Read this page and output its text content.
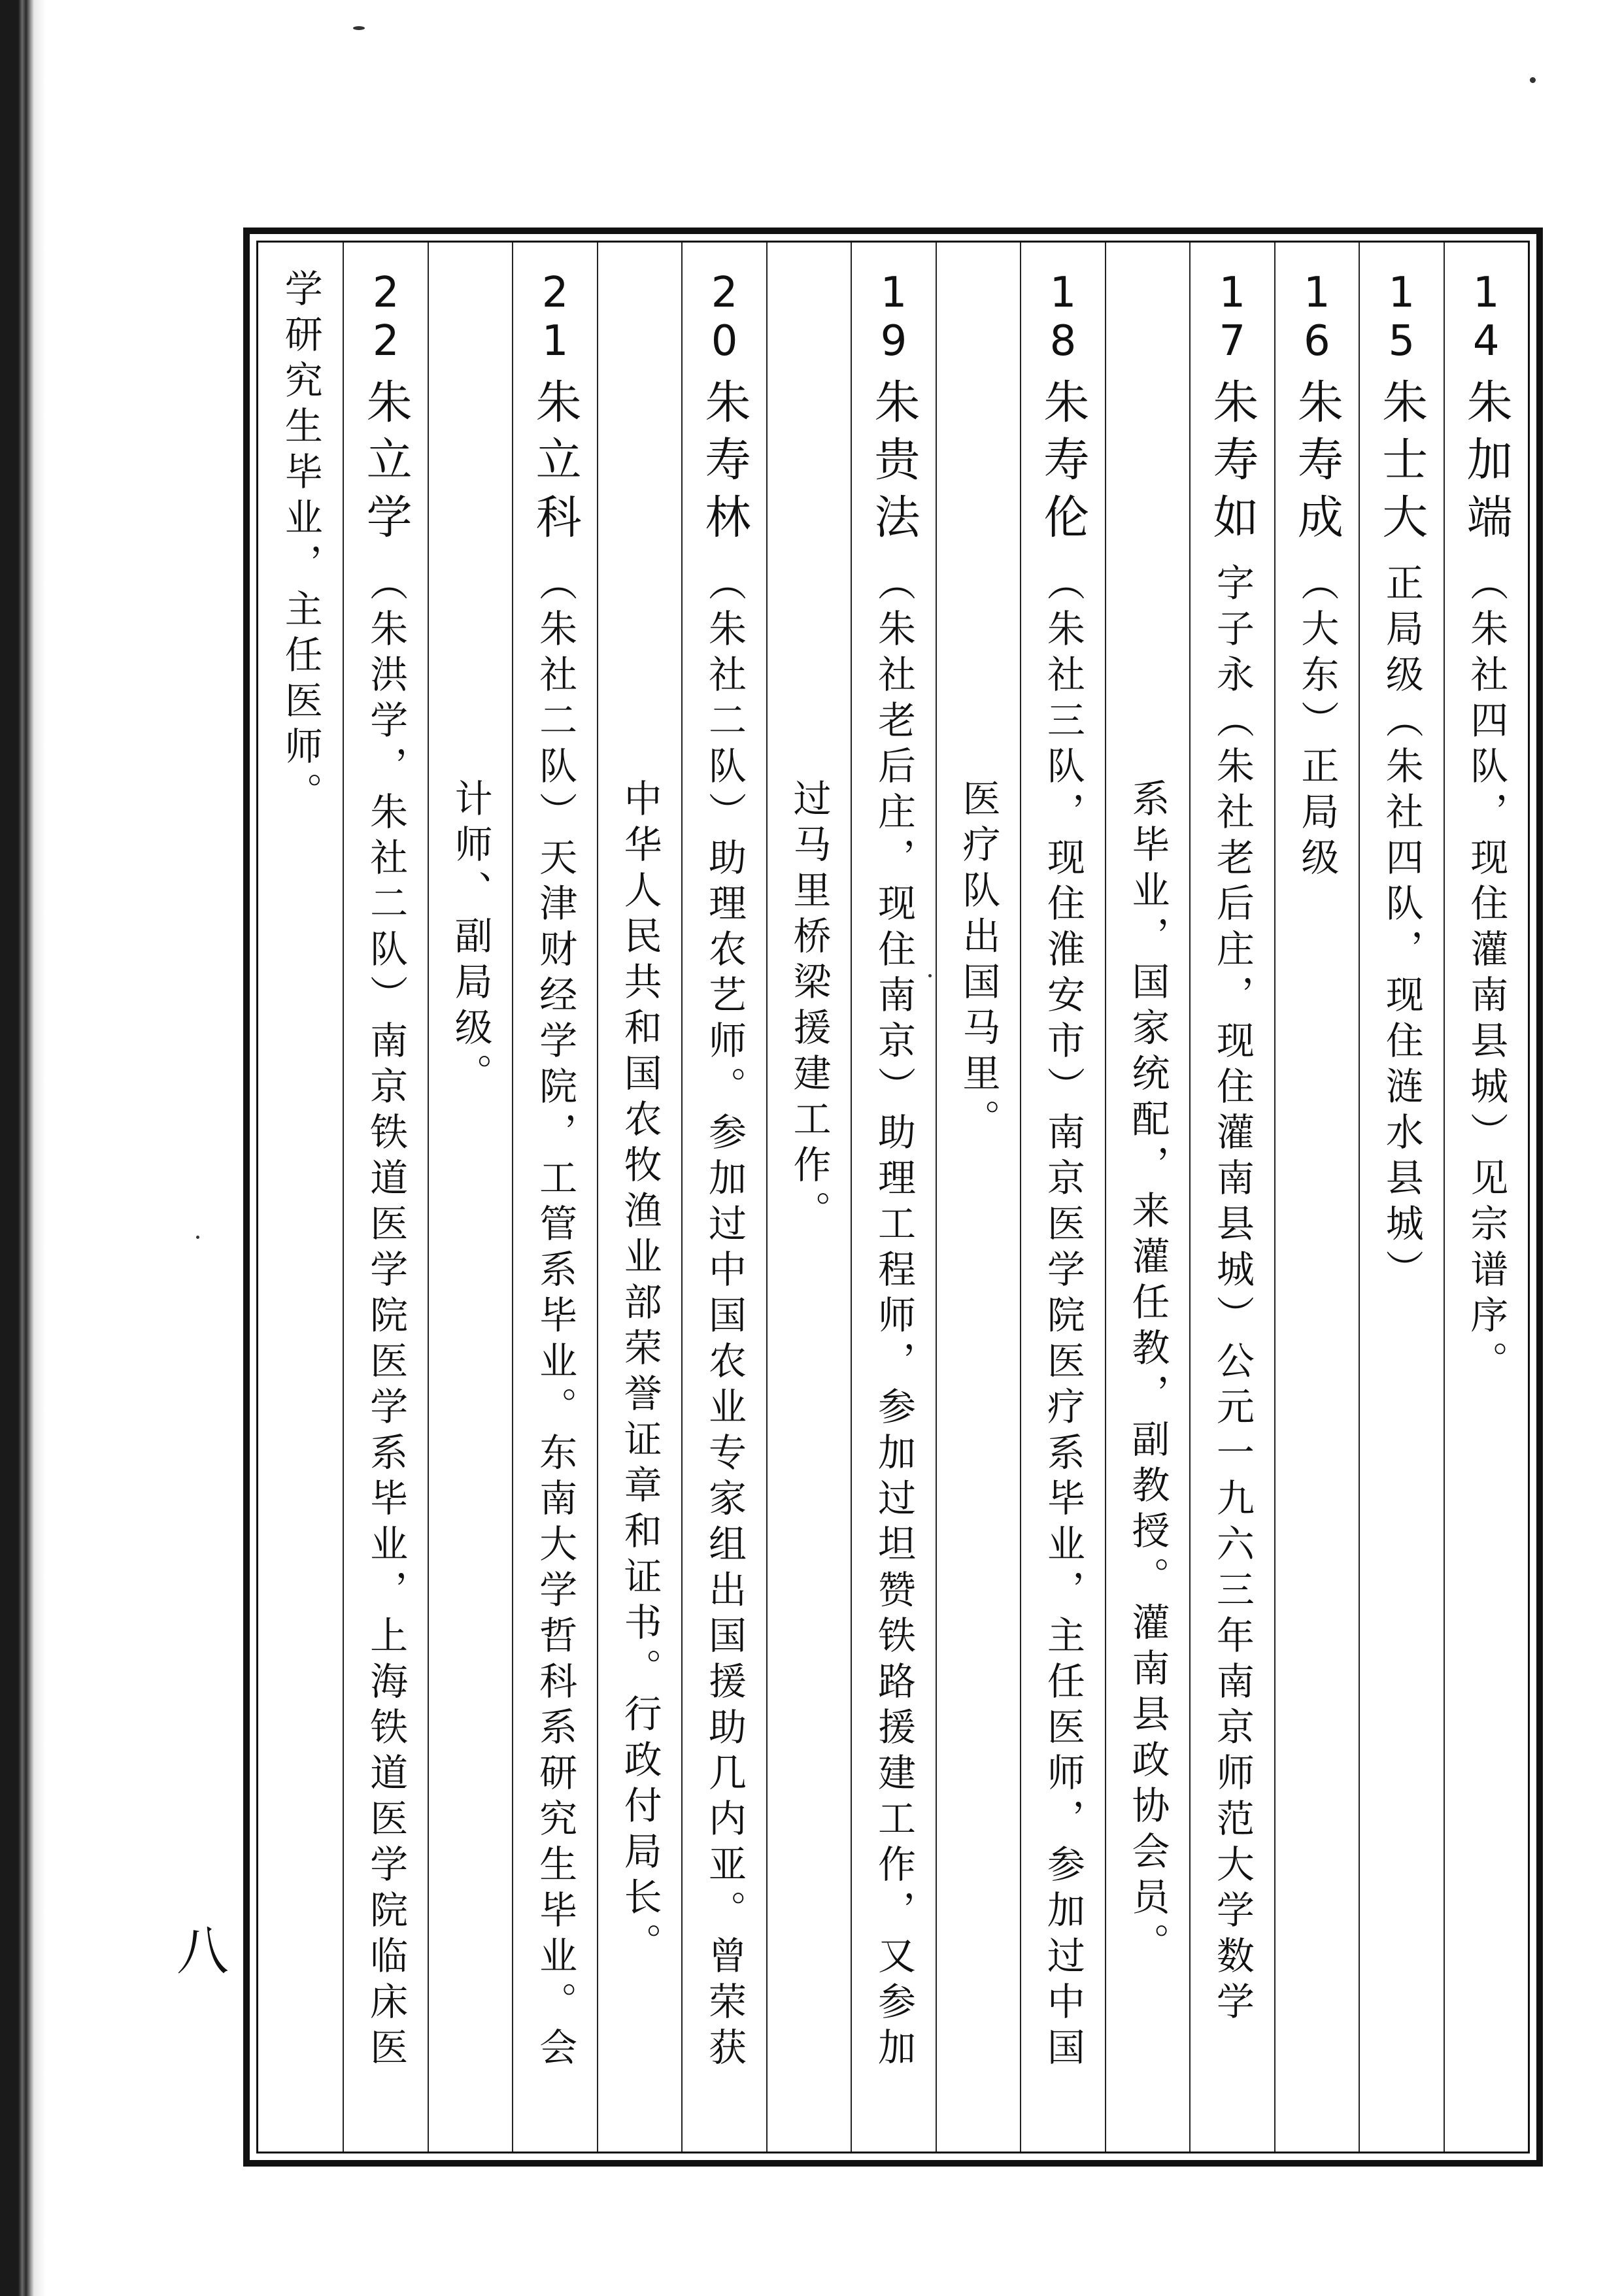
14 朱加端 （朱社四队，现住灌南县城）见宗谱序。
15 朱士大 正局级（朱社四队，现住涟水县城）
16 朱寿成 （大东）正局级
17 朱寿如 字子永（朱社老后庄，现住灌南县城）公元一九六三年南京师范大学数学
系毕业，国家统配，来灌任教，副教授。灌南县政协会员。
18 朱寿伦 （朱社三队，现住淮安市）南京医学院医疗系毕业，主任医师，参加过中国
医疗队出国马里。
19 朱贵法 （朱社老后庄，现住南京）助理工程师，参加过坦赞铁路援建工作，又参加
过马里桥梁援建工作。
20 朱寿林 （朱社二队）助理农艺师。参加过中国农业专家组出国援助几内亚。曾荣获
中华人民共和国农牧渔业部荣誉证章和证书。行政付局长。
21 朱立科 （朱社二队）天津财经学院，工管系毕业。东南大学哲科系研究生毕业。会
计师、副局级。
22 朱立学 （朱洪学，朱社二队）南京铁道医学院医学系毕业，上海铁道医学院临床医
学研究生毕业，主任医师。
八
